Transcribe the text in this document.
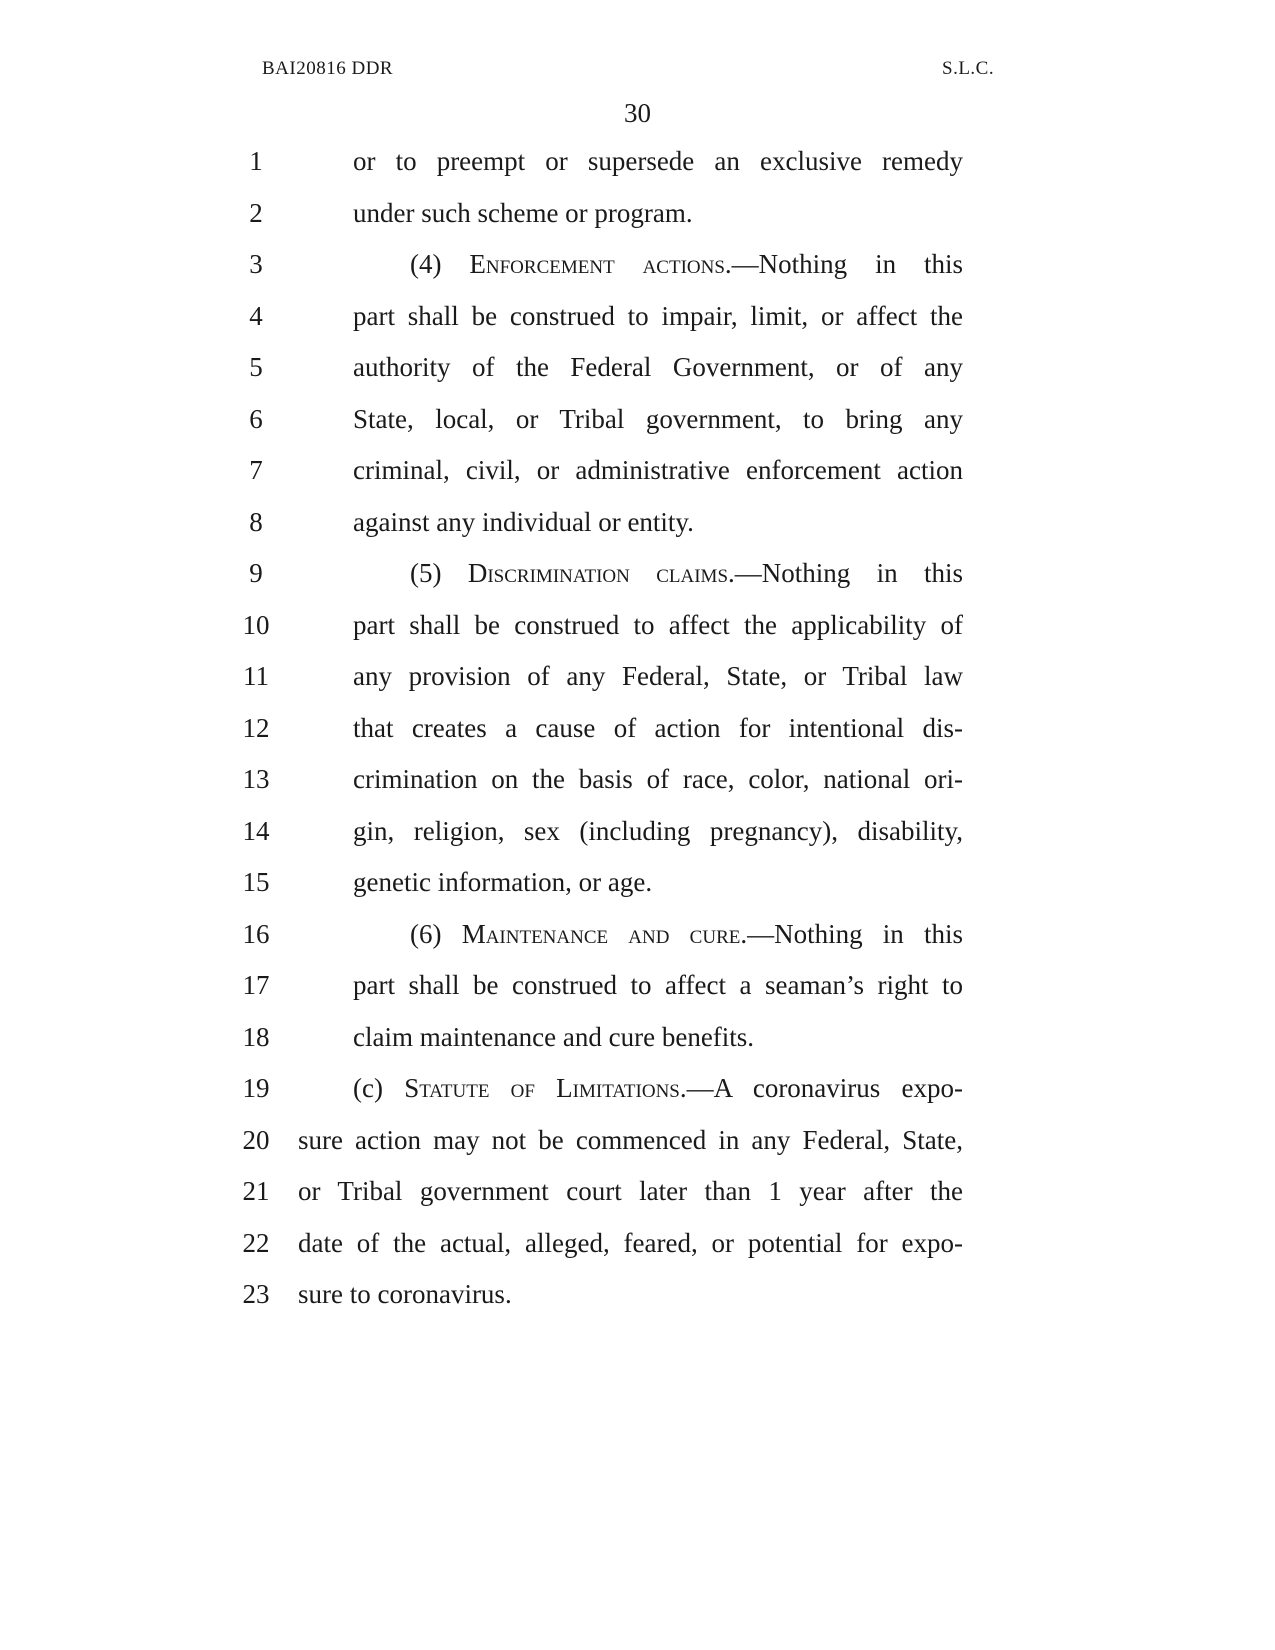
BAI20816 DDR	S.L.C.
30
1	or to preempt or supersede an exclusive remedy
2	under such scheme or program.
3	(4) Enforcement actions.—Nothing in this
4	part shall be construed to impair, limit, or affect the
5	authority of the Federal Government, or of any
6	State, local, or Tribal government, to bring any
7	criminal, civil, or administrative enforcement action
8	against any individual or entity.
9	(5) Discrimination claims.—Nothing in this
10	part shall be construed to affect the applicability of
11	any provision of any Federal, State, or Tribal law
12	that creates a cause of action for intentional dis-
13	crimination on the basis of race, color, national ori-
14	gin, religion, sex (including pregnancy), disability,
15	genetic information, or age.
16	(6) Maintenance and cure.—Nothing in this
17	part shall be construed to affect a seaman’s right to
18	claim maintenance and cure benefits.
19	(c) Statute of Limitations.—A coronavirus expo-
20	sure action may not be commenced in any Federal, State,
21	or Tribal government court later than 1 year after the
22	date of the actual, alleged, feared, or potential for expo-
23	sure to coronavirus.
